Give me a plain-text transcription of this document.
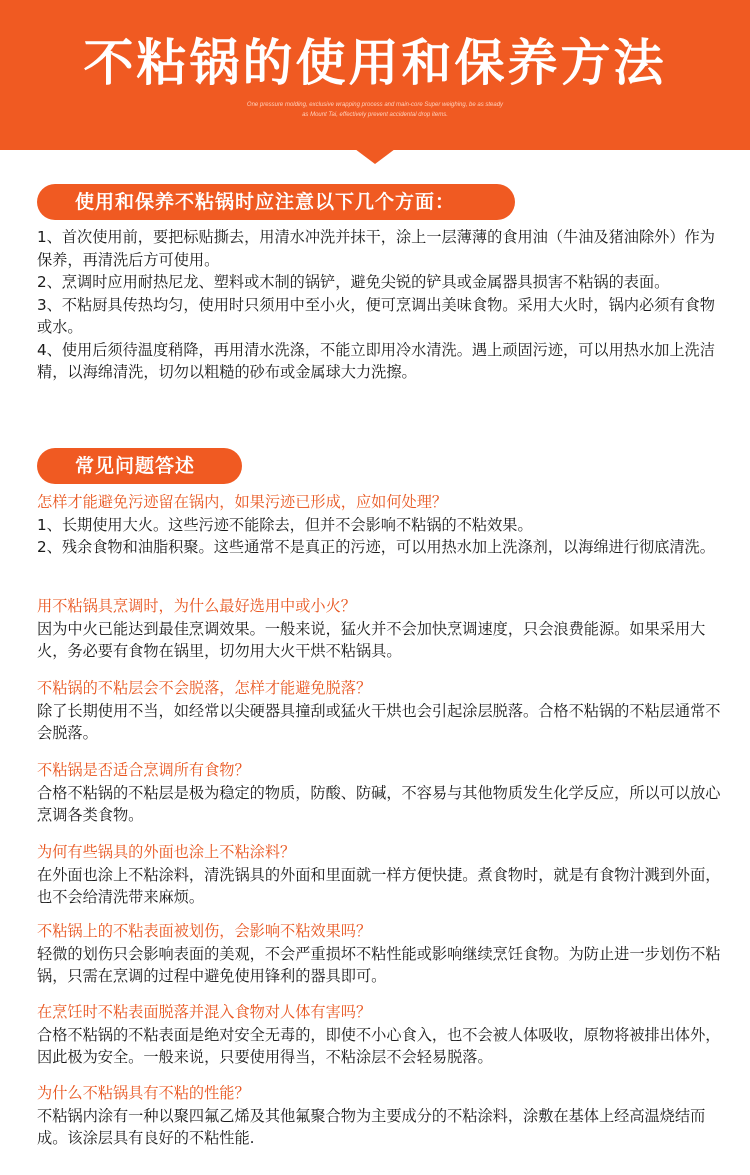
不粘锅的使用和保养方法
One pressure molding, exclusive wrapping process and main-core Super weighing, be as steady
as Mount Tai, effectively prevent accidental drop items.
使用和保养不粘锅时应注意以下几个方面：

1、首次使用前，要把标贴撕去，用清水冲洗并抹干，涂上一层薄薄的食用油（牛油及猪油除外）作为保养，再清洗后方可使用。

2、烹调时应用耐热尼龙、塑料或木制的锅铲，避免尖锐的铲具或金属器具损害不粘锅的表面。

3、不粘厨具传热均匀，使用时只须用中至小火，便可烹调出美味食物。采用大火时，锅内必须有食物或水。

4、使用后须待温度稍降，再用清水洗涤，不能立即用冷水清洗。遇上顽固污迹，可以用热水加上洗洁精，以海绵清洗，切勿以粗糙的砂布或金属球大力洗擦。

常见问题答述

怎样才能避免污迹留在锅内，如果污迹已形成，应如何处理？

1、长期使用大火。这些污迹不能除去，但并不会影响不粘锅的不粘效果。

2、残余食物和油脂积聚。这些通常不是真正的污迹，可以用热水加上洗涤剂，以海绵进行彻底清洗。

用不粘锅具烹调时，为什么最好选用中或小火？

因为中火已能达到最佳烹调效果。一般来说，猛火并不会加快烹调速度，只会浪费能源。如果采用大火，务必要有食物在锅里，切勿用大火干烘不粘锅具。

不粘锅的不粘层会不会脱落，怎样才能避免脱落？

除了长期使用不当，如经常以尖硬器具撞刮或猛火干烘也会引起涂层脱落。合格不粘锅的不粘层通常不会脱落。

不粘锅是否适合烹调所有食物？

合格不粘锅的不粘层是极为稳定的物质，防酸、防碱，不容易与其他物质发生化学反应，所以可以放心烹调各类食物。

为何有些锅具的外面也涂上不粘涂料？

在外面也涂上不粘涂料，清洗锅具的外面和里面就一样方便快捷。煮食物时，就是有食物汁溅到外面，也不会给清洗带来麻烦。

不粘锅上的不粘表面被划伤，会影响不粘效果吗？

轻微的划伤只会影响表面的美观，不会严重损坏不粘性能或影响继续烹饪食物。为防止进一步划伤不粘锅，只需在烹调的过程中避免使用锋利的器具即可。

在烹饪时不粘表面脱落并混入食物对人体有害吗？

合格不粘锅的不粘表面是绝对安全无毒的，即使不小心食入，也不会被人体吸收，原物将被排出体外，因此极为安全。一般来说，只要使用得当，不粘涂层不会轻易脱落。

为什么不粘锅具有不粘的性能？

不粘锅内涂有一种以聚四氟乙烯及其他氟聚合物为主要成分的不粘涂料，涂敷在基体上经高温烧结而成。该涂层具有良好的不粘性能.
